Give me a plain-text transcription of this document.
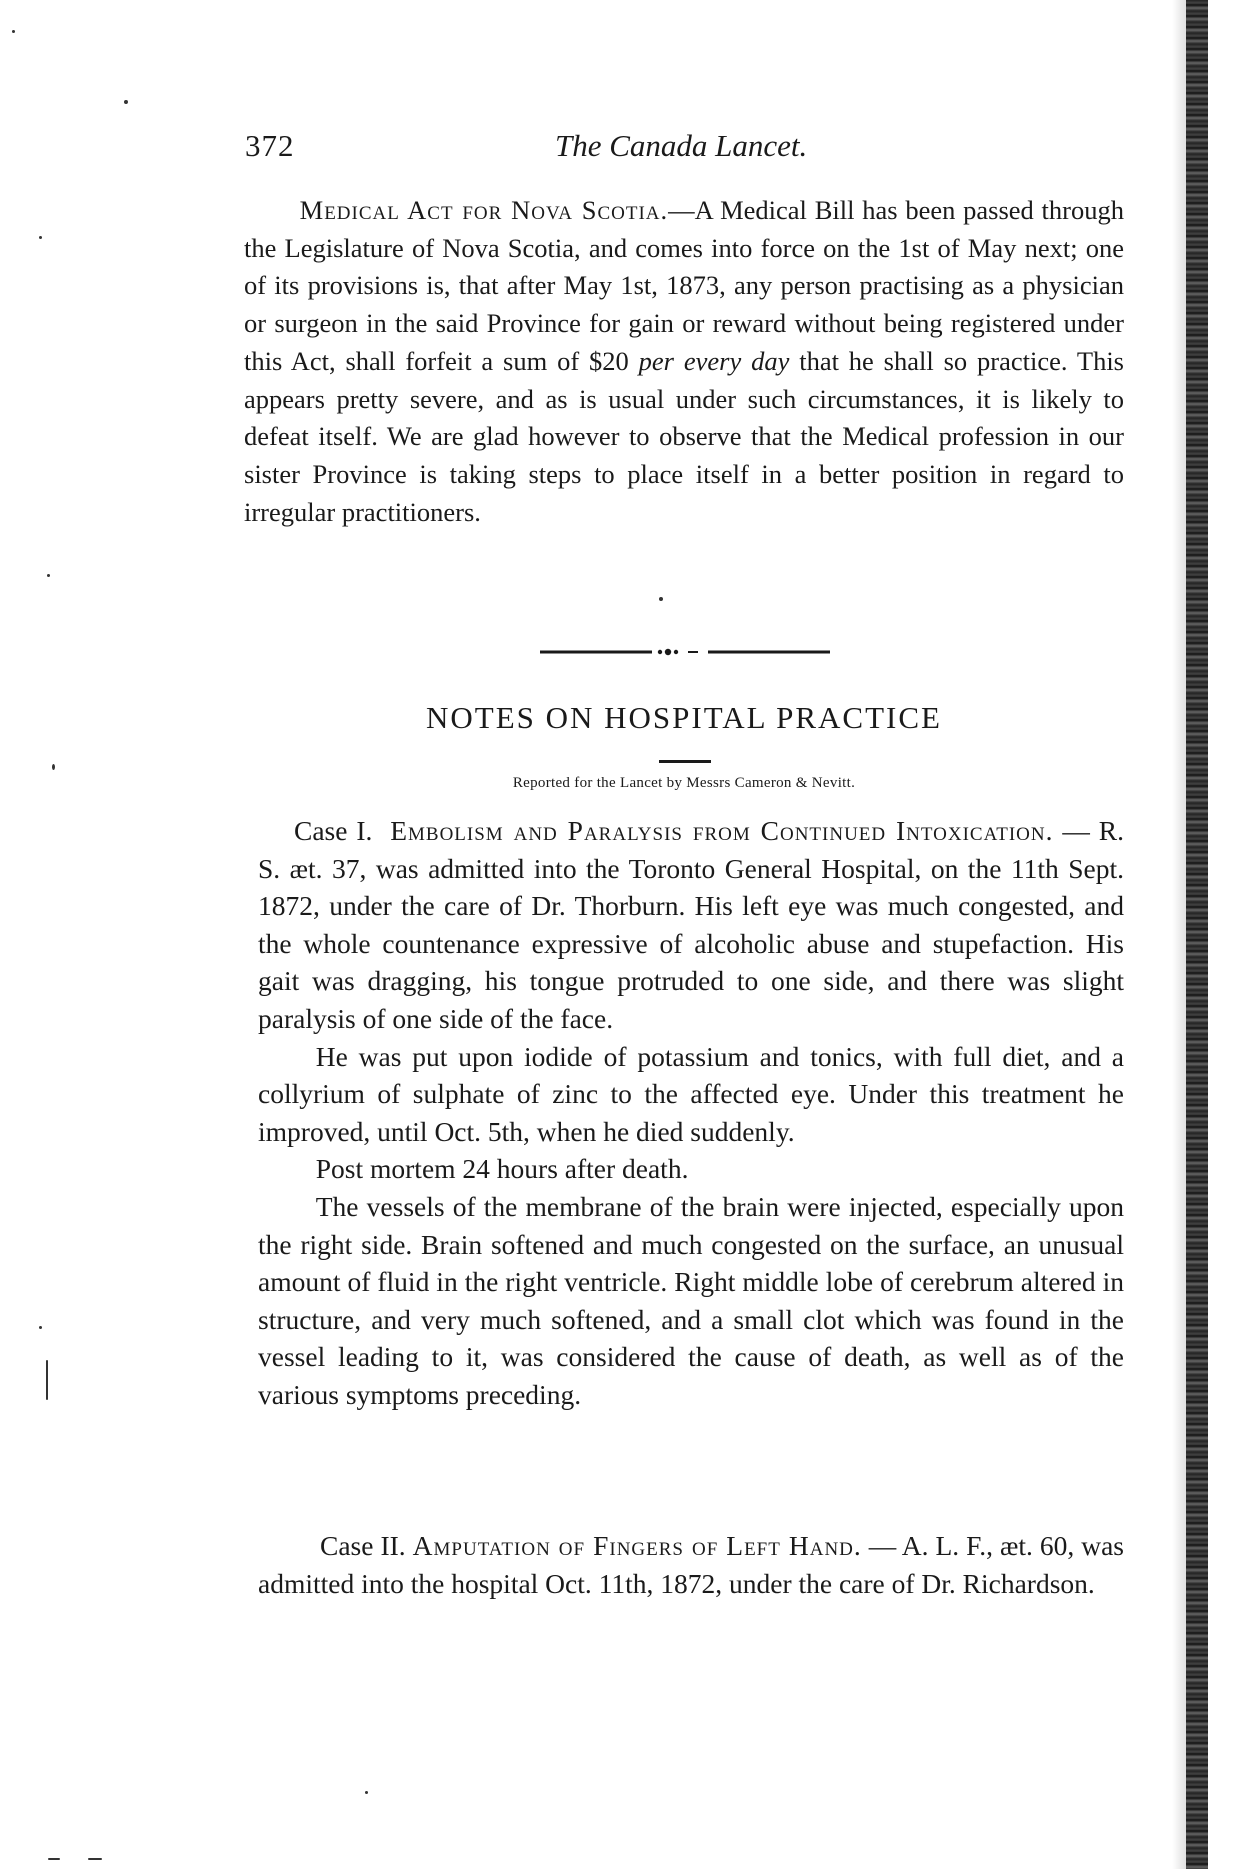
372	The Canada Lancet.

Medical Act for Nova Scotia.—A Medical Bill has been passed through the Legislature of Nova Scotia, and comes into force on the 1st of May next; one of its provisions is, that after May 1st, 1873, any person practising as a physician or surgeon in the said Province for gain or reward without being registered under this Act, shall forfeit a sum of $20 per every day that he shall so practice. This appears pretty severe, and as is usual under such circumstances, it is likely to defeat itself. We are glad however to observe that the Medical profession in our sister Province is taking steps to place itself in a better position in regard to irregular practitioners.

NOTES ON HOSPITAL PRACTICE
Reported for the Lancet by Messrs Cameron & Nevitt.

Case I. Embolism and Paralysis from Continued Intoxication. — R. S. æt. 37, was admitted into the Toronto General Hospital, on the 11th Sept. 1872, under the care of Dr. Thorburn. His left eye was much congested, and the whole countenance expressive of alcoholic abuse and stupefaction. His gait was dragging, his tongue protruded to one side, and there was slight paralysis of one side of the face.

He was put upon iodide of potassium and tonics, with full diet, and a collyrium of sulphate of zinc to the affected eye. Under this treatment he improved, until Oct. 5th, when he died suddenly.

Post mortem 24 hours after death.

The vessels of the membrane of the brain were injected, especially upon the right side. Brain softened and much congested on the surface, an unusual amount of fluid in the right ventricle. Right middle lobe of cerebrum altered in structure, and very much softened, and a small clot which was found in the vessel leading to it, was considered the cause of death, as well as of the various symptoms preceding.

Case II. Amputation of Fingers of Left Hand. — A. L. F., æt. 60, was admitted into the hospital Oct. 11th, 1872, under the care of Dr. Richardson.
